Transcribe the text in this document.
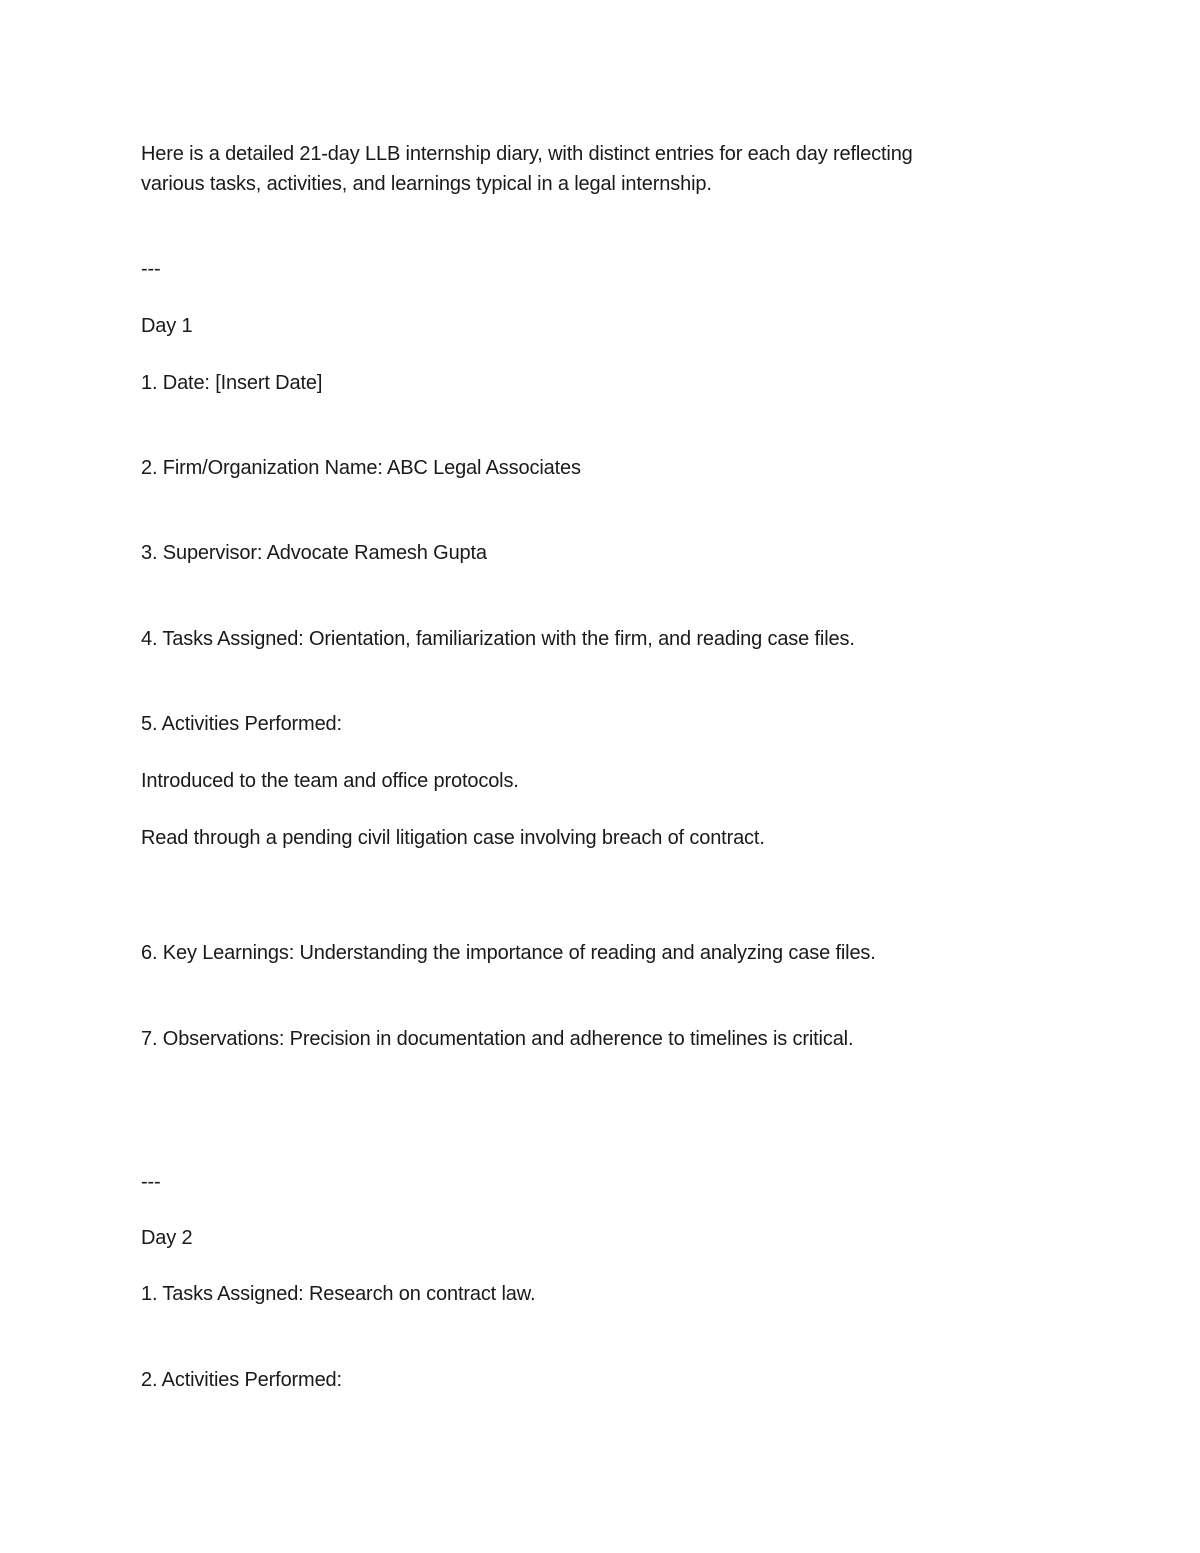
Here is a detailed 21-day LLB internship diary, with distinct entries for each day reflecting
various tasks, activities, and learnings typical in a legal internship.
---
Day 1
1. Date: [Insert Date]
2. Firm/Organization Name: ABC Legal Associates
3. Supervisor: Advocate Ramesh Gupta
4. Tasks Assigned: Orientation, familiarization with the firm, and reading case files.
5. Activities Performed:
Introduced to the team and office protocols.
Read through a pending civil litigation case involving breach of contract.
6. Key Learnings: Understanding the importance of reading and analyzing case files.
7. Observations: Precision in documentation and adherence to timelines is critical.
---
Day 2
1. Tasks Assigned: Research on contract law.
2. Activities Performed:
